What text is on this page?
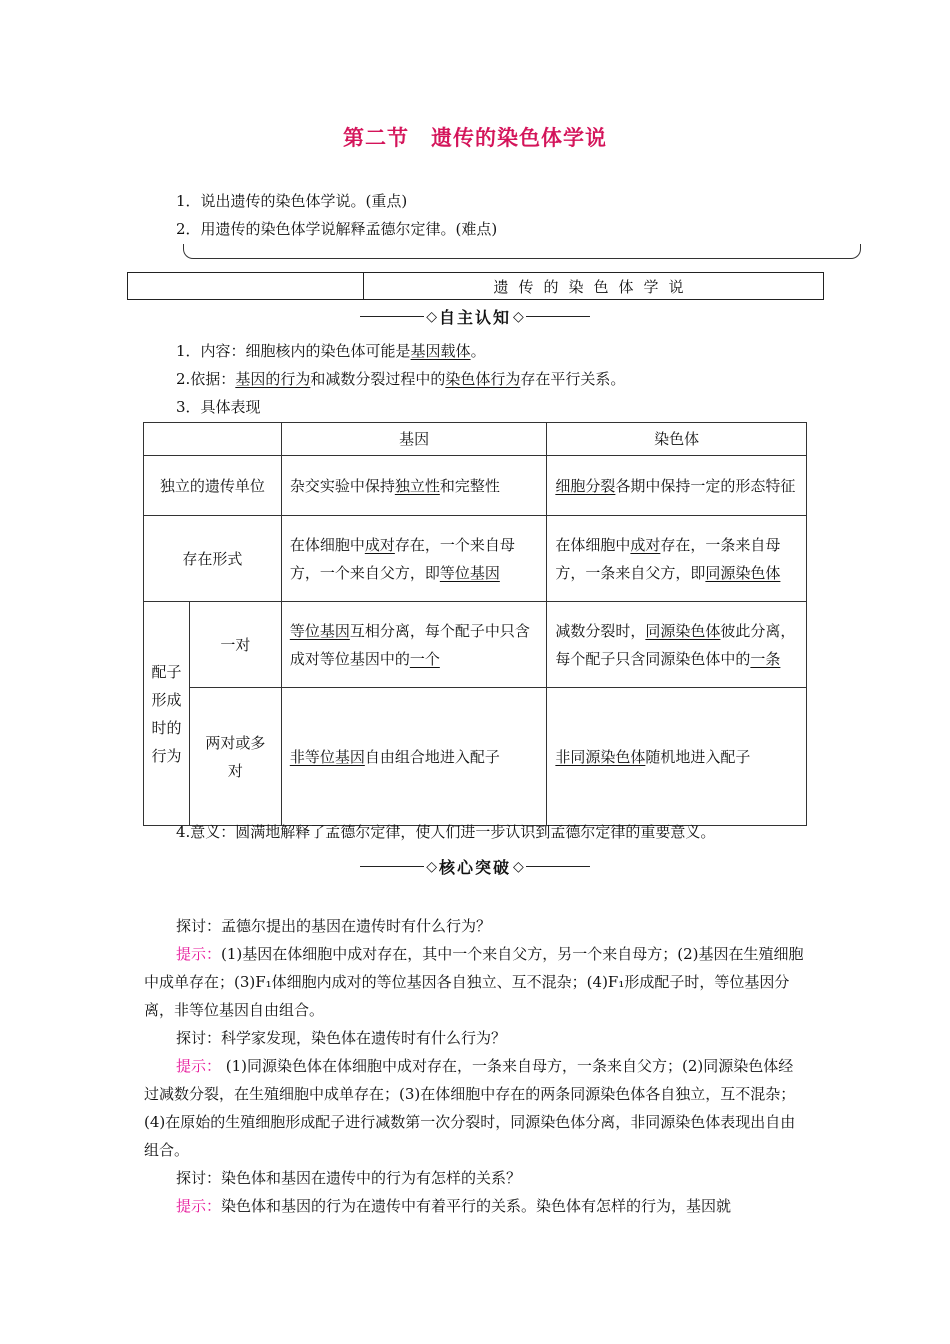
第二节 遗传的染色体学说
1．说出遗传的染色体学说。(重点)
2．用遗传的染色体学说解释孟德尔定律。(难点)
遗传的染色体学说
◇ 自主认知 ◇
1．内容：细胞核内的染色体可能是基因载体。
2.依据：基因的行为和减数分裂过程中的染色体行为存在平行关系。
3．具体表现
		基因	染色体
独立的遗传单位		杂交实验中保持独立性和完整性	细胞分裂各期中保持一定的形态特征
存在形式		在体细胞中成对存在，一个来自母方，一个来自父方，即等位基因	在体细胞中成对存在，一条来自母方，一条来自父方，即同源染色体
配子形成时的行为	一对	等位基因互相分离，每个配子中只含成对等位基因中的一个	减数分裂时，同源染色体彼此分离，每个配子只含同源染色体中的一条
	两对或多对	非等位基因自由组合地进入配子	非同源染色体随机地进入配子
4.意义：圆满地解释了孟德尔定律，使人们进一步认识到孟德尔定律的重要意义。
◇ 核心突破 ◇

探讨：孟德尔提出的基因在遗传时有什么行为？

提示：(1)基因在体细胞中成对存在，其中一个来自父方，另一个来自母方；(2)基因在生殖细胞中成单存在；(3)F₁体细胞内成对的等位基因各自独立、互不混杂；(4)F₁形成配子时，等位基因分离，非等位基因自由组合。

探讨：科学家发现，染色体在遗传时有什么行为？

提示： (1)同源染色体在体细胞中成对存在，一条来自母方，一条来自父方；(2)同源染色体经过减数分裂，在生殖细胞中成单存在；(3)在体细胞中存在的两条同源染色体各自独立，互不混杂；(4)在原始的生殖细胞形成配子进行减数第一次分裂时，同源染色体分离，非同源染色体表现出自由组合。

探讨：染色体和基因在遗传中的行为有怎样的关系？

提示：染色体和基因的行为在遗传中有着平行的关系。染色体有怎样的行为，基因就
